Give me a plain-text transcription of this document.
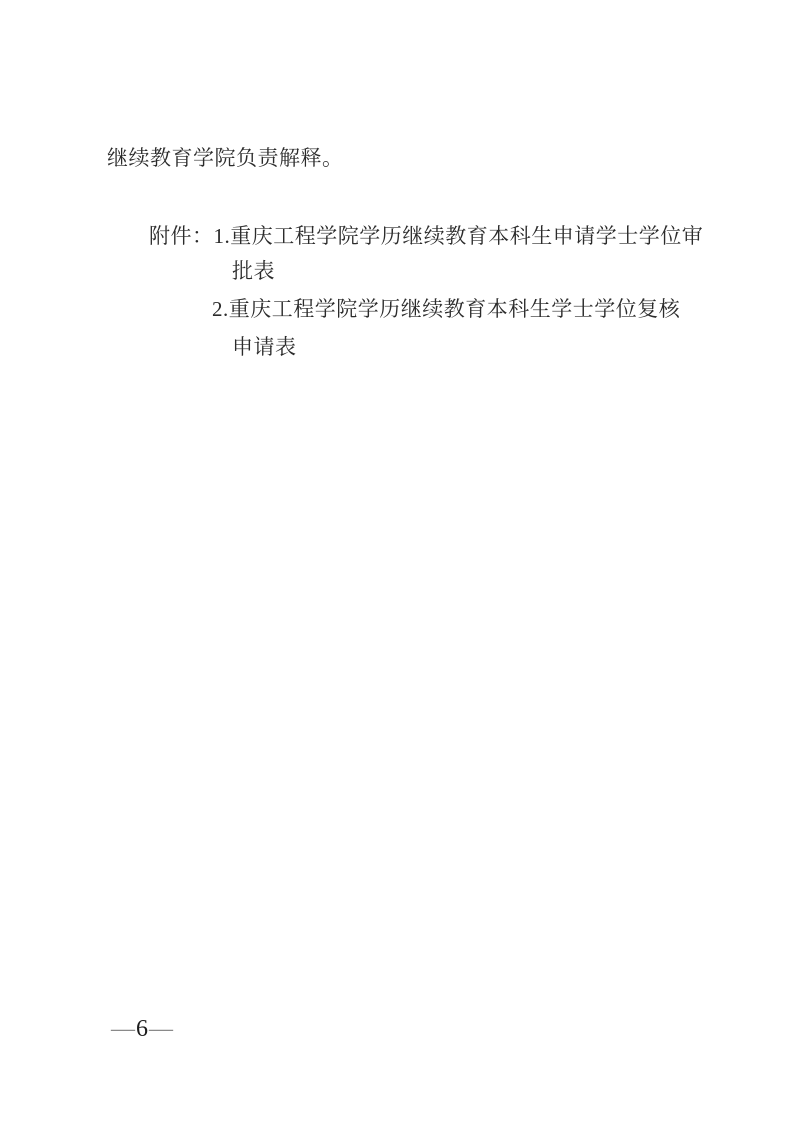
继续教育学院负责解释。

附件：1.重庆工程学院学历继续教育本科生申请学士学位审

批表

2.重庆工程学院学历继续教育本科生学士学位复核

申请表

—6—
